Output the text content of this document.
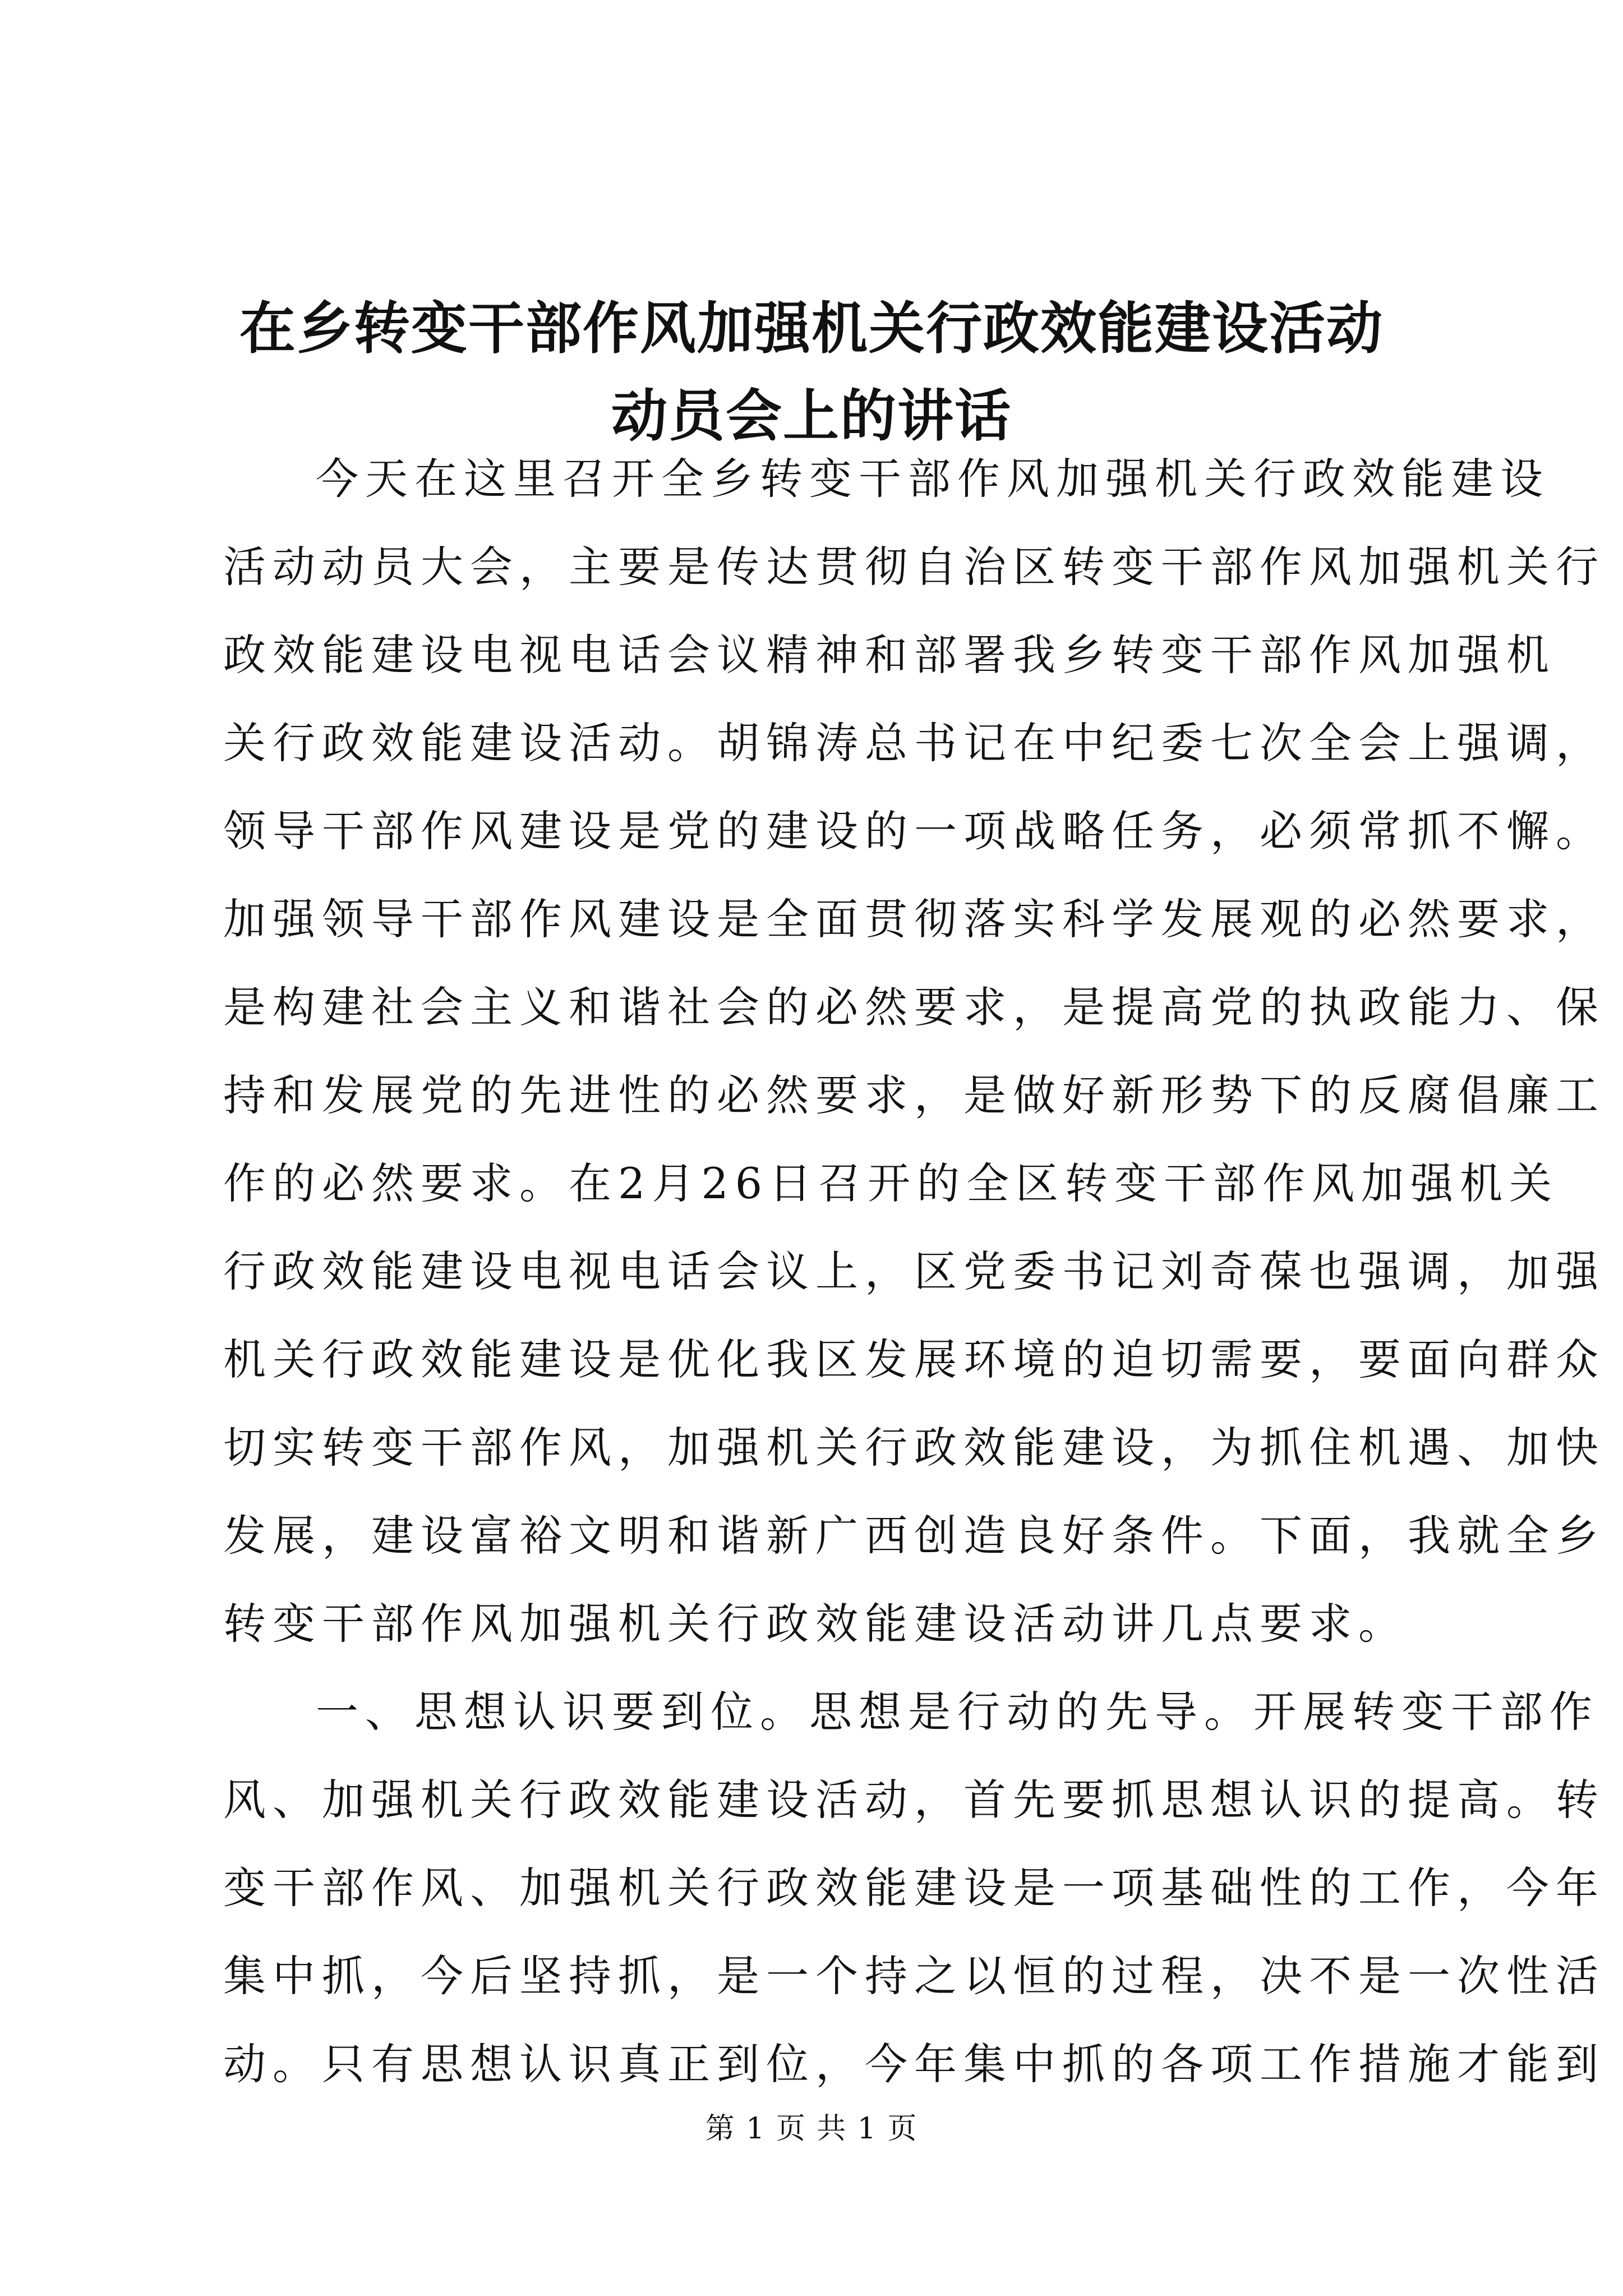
在乡转变干部作风加强机关行政效能建设活动
动员会上的讲话

今天在这里召开全乡转变干部作风加强机关行政效能建设
活动动员大会，主要是传达贯彻自治区转变干部作风加强机关行
政效能建设电视电话会议精神和部署我乡转变干部作风加强机
关行政效能建设活动。胡锦涛总书记在中纪委七次全会上强调，
领导干部作风建设是党的建设的一项战略任务，必须常抓不懈。
加强领导干部作风建设是全面贯彻落实科学发展观的必然要求，
是构建社会主义和谐社会的必然要求，是提高党的执政能力、保
持和发展党的先进性的必然要求，是做好新形势下的反腐倡廉工
作的必然要求。在2月26日召开的全区转变干部作风加强机关
行政效能建设电视电话会议上，区党委书记刘奇葆也强调，加强
机关行政效能建设是优化我区发展环境的迫切需要，要面向群众
切实转变干部作风，加强机关行政效能建设，为抓住机遇、加快
发展，建设富裕文明和谐新广西创造良好条件。下面，我就全乡
转变干部作风加强机关行政效能建设活动讲几点要求。

一、思想认识要到位。思想是行动的先导。开展转变干部作
风、加强机关行政效能建设活动，首先要抓思想认识的提高。转
变干部作风、加强机关行政效能建设是一项基础性的工作，今年
集中抓，今后坚持抓，是一个持之以恒的过程，决不是一次性活
动。只有思想认识真正到位，今年集中抓的各项工作措施才能到

第 1 页 共 1 页
